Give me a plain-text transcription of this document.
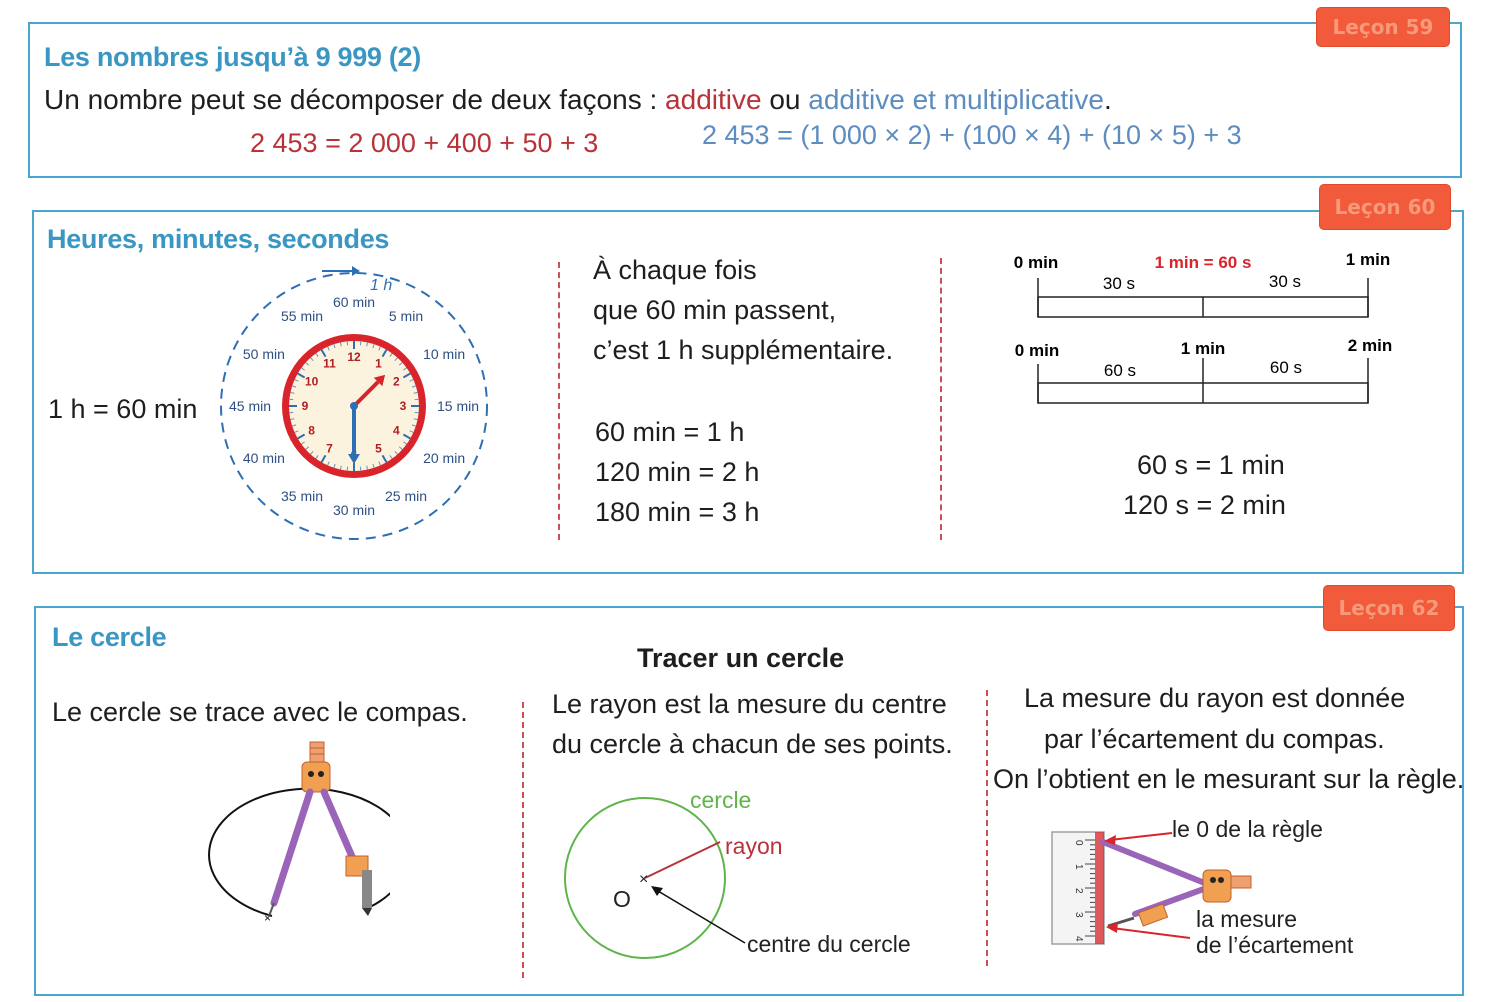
Leçon 59
Les nombres jusqu’à 9 999 (2)
Un nombre peut se décomposer de deux façons : additive ou additive et multiplicative.
2 453 = 2 000 + 400 + 50 + 3	2 453 = (1 000 × 2) + (100 × 4) + (10 × 5) + 3
Leçon 60
Heures, minutes, secondes
1 h = 60 min
1 h
60 min
5 min
10 min
15 min
20 min
25 min
30 min
35 min
40 min
45 min
50 min
55 min
12 1
2
3
4
5
7
8
9
10
11
À chaque fois
que 60 min passent,
c’est 1 h supplémentaire.
60 min = 1 h
120 min = 2 h
180 min = 3 h
0 min	1 min = 60 s	1 min
30 s	30 s
0 min	1 min	2 min
60 s	60 s
60 s = 1 min
120 s = 2 min
Leçon 62
Le cercle
Tracer un cercle
Le cercle se trace avec le compas.
×
Le rayon est la mesure du centre
du cercle à chacun de ses points.
×
cercle
rayon
O
centre du cercle
La mesure du rayon est donnée
par l’écartement du compas.
On l’obtient en le mesurant sur la règle.
0
1
2
3
4
le 0 de la règle
la mesure
de l’écartement
